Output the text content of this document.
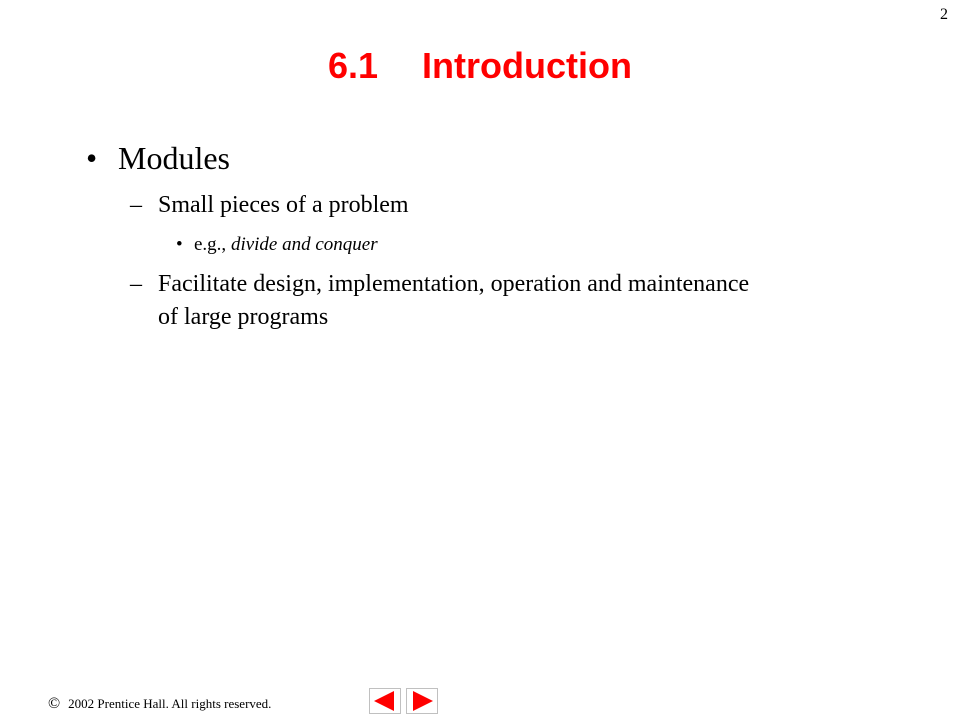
2
6.1 Introduction
• Modules
– Small pieces of a problem
• e.g., divide and conquer
– Facilitate design, implementation, operation and maintenance of large programs
© 2002 Prentice Hall. All rights reserved.
